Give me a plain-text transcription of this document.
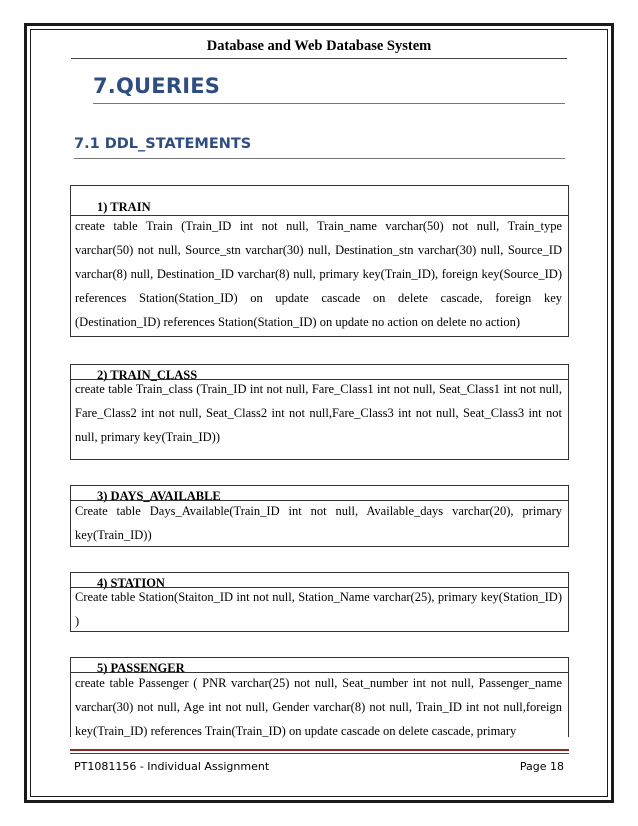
Database and Web Database System
7.QUERIES
7.1 DDL_STATEMENTS
1) TRAIN
create table Train (Train_ID int not null, Train_name varchar(50) not null, Train_type varchar(50) not null, Source_stn varchar(30) null, Destination_stn varchar(30) null, Source_ID varchar(8) null, Destination_ID varchar(8) null, primary key(Train_ID), foreign key(Source_ID) references Station(Station_ID) on update cascade on delete cascade, foreign key (Destination_ID) references Station(Station_ID) on update no action on delete no action)
2) TRAIN_CLASS
create table Train_class (Train_ID int not null, Fare_Class1 int not null, Seat_Class1 int not null, Fare_Class2 int not null, Seat_Class2 int not null,Fare_Class3 int not null, Seat_Class3 int not null, primary key(Train_ID))
3) DAYS_AVAILABLE
Create table Days_Available(Train_ID int not null, Available_days varchar(20), primary key(Train_ID))
4) STATION
Create table Station(Staiton_ID int not null, Station_Name varchar(25), primary key(Station_ID) )
5) PASSENGER
create table Passenger ( PNR varchar(25) not null, Seat_number int not null, Passenger_name varchar(30) not null, Age int not null, Gender varchar(8) not null, Train_ID int not null,foreign key(Train_ID) references Train(Train_ID) on update cascade on delete cascade, primary
PT1081156 - Individual Assignment	Page 18
